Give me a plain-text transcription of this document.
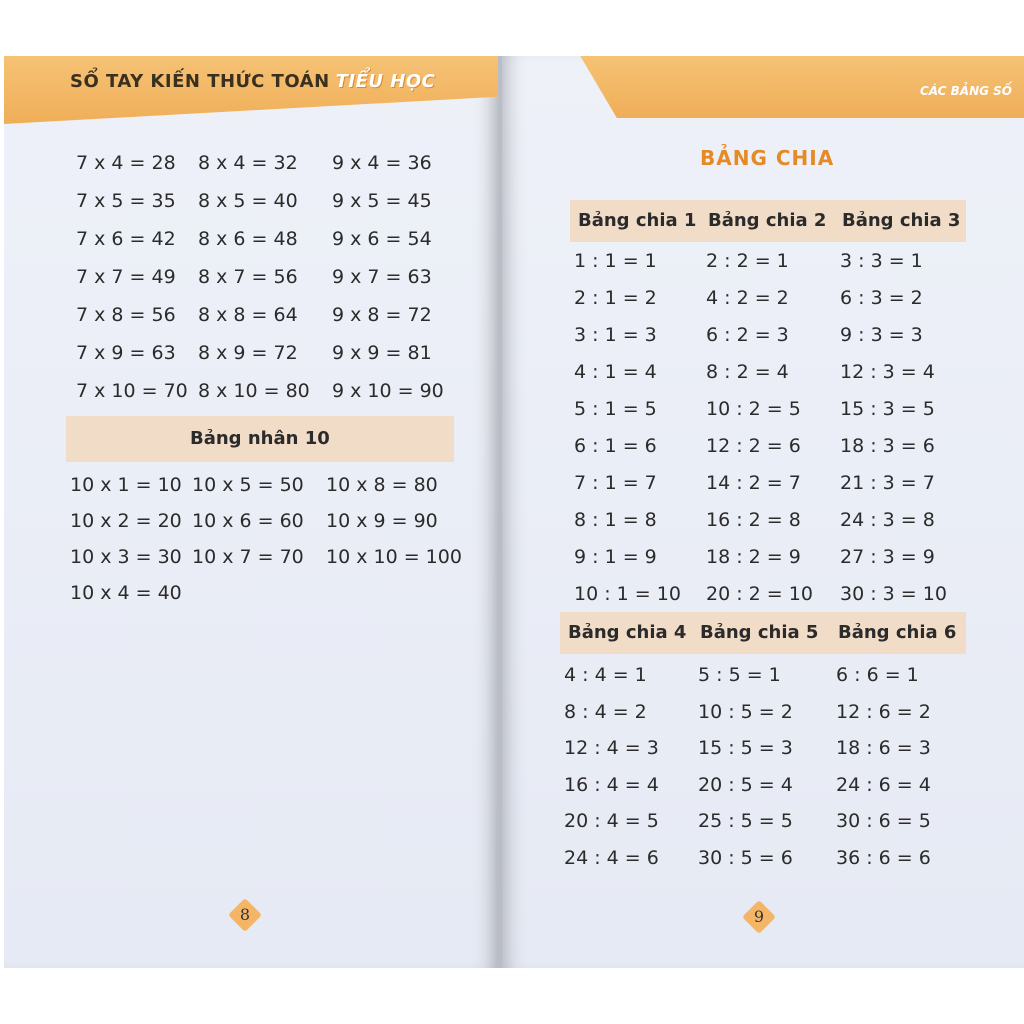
SỔ TAY KIẾN THỨC TOÁN TIỂU HỌC
7 x 4 = 28 8 x 4 = 32 9 x 4 = 36
7 x 5 = 35 8 x 5 = 40 9 x 5 = 45
7 x 6 = 42 8 x 6 = 48 9 x 6 = 54
7 x 7 = 49 8 x 7 = 56 9 x 7 = 63
7 x 8 = 56 8 x 8 = 64 9 x 8 = 72
7 x 9 = 63 8 x 9 = 72 9 x 9 = 81
7 x 10 = 70 8 x 10 = 80 9 x 10 = 90
Bảng nhân 10
10 x 1 = 10 10 x 5 = 50 10 x 8 = 80
10 x 2 = 20 10 x 6 = 60 10 x 9 = 90
10 x 3 = 30 10 x 7 = 70 10 x 10 = 100
10 x 4 = 40
8
CÁC BẢNG SỐ
BẢNG CHIA
Bảng chia 1 Bảng chia 2 Bảng chia 3
1 : 1 = 1	2 : 2 = 1	3 : 3 = 1
2 : 1 = 2	4 : 2 = 2	6 : 3 = 2
3 : 1 = 3	6 : 2 = 3	9 : 3 = 3
4 : 1 = 4	8 : 2 = 4	12 : 3 = 4
5 : 1 = 5	10 : 2 = 5 15 : 3 = 5
6 : 1 = 6	12 : 2 = 6 18 : 3 = 6
7 : 1 = 7	14 : 2 = 7 21 : 3 = 7
8 : 1 = 8	16 : 2 = 8 24 : 3 = 8
9 : 1 = 9	18 : 2 = 9 27 : 3 = 9
10 : 1 = 10 20 : 2 = 10 30 : 3 = 10
Bảng chia 4 Bảng chia 5 Bảng chia 6
4 : 4 = 1	5 : 5 = 1	6 : 6 = 1
8 : 4 = 2	10 : 5 = 2 12 : 6 = 2
12 : 4 = 3 15 : 5 = 3 18 : 6 = 3
16 : 4 = 4 20 : 5 = 4 24 : 6 = 4
20 : 4 = 5 25 : 5 = 5 30 : 6 = 5
24 : 4 = 6 30 : 5 = 6 36 : 6 = 6
9
